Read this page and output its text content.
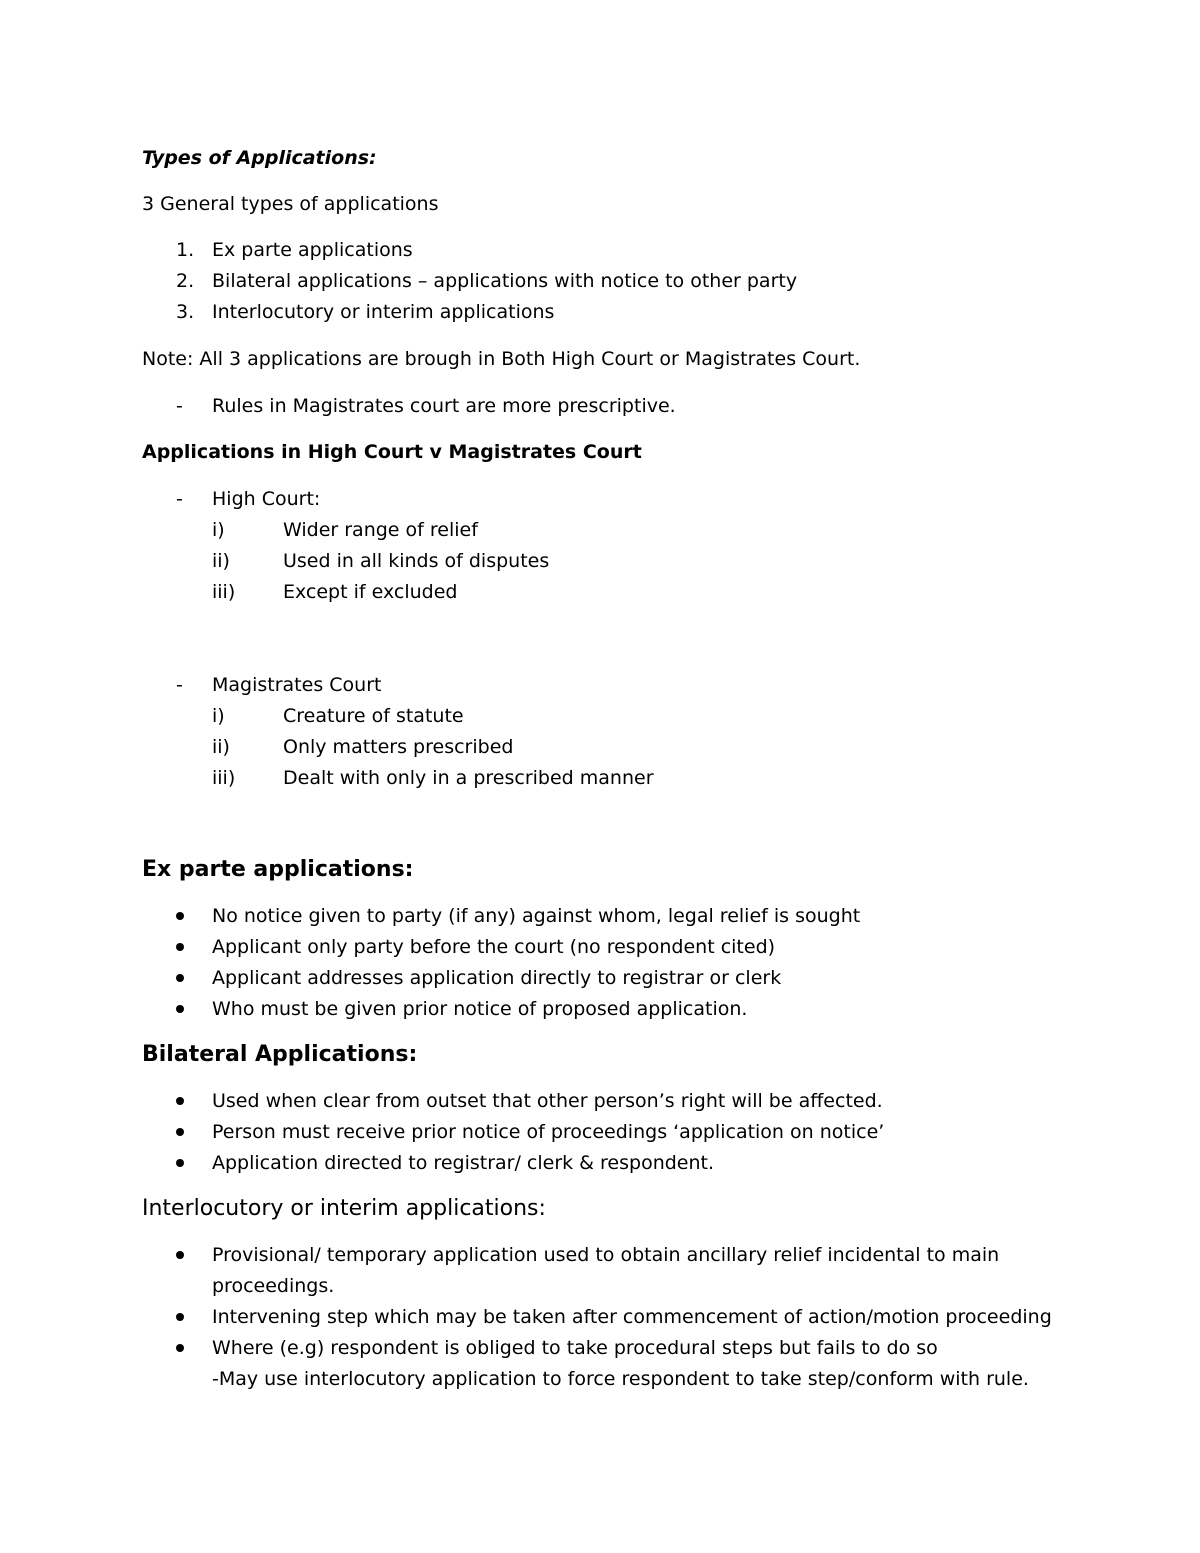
Types of Applications:
3 General types of applications
1. Ex parte applications
2. Bilateral applications – applications with notice to other party
3. Interlocutory or interim applications
Note: All 3 applications are brough in Both High Court or Magistrates Court.
- Rules in Magistrates court are more prescriptive.
Applications in High Court v Magistrates Court
- High Court:
i)	Wider range of relief
ii)	Used in all kinds of disputes
iii)	Except if excluded
- Magistrates Court
i)	Creature of statute
ii)	Only matters prescribed
iii)	Dealt with only in a prescribed manner
Ex parte applications:
No notice given to party (if any) against whom, legal relief is sought
Applicant only party before the court (no respondent cited)
Applicant addresses application directly to registrar or clerk
Who must be given prior notice of proposed application.
Bilateral Applications:
Used when clear from outset that other person’s right will be affected.
Person must receive prior notice of proceedings ‘application on notice’
Application directed to registrar/ clerk & respondent.
Interlocutory or interim applications:
Provisional/ temporary application used to obtain ancillary relief incidental to main
proceedings.
Intervening step which may be taken after commencement of action/motion proceeding
Where (e.g) respondent is obliged to take procedural steps but fails to do so
-May use interlocutory application to force respondent to take step/conform with rule.
